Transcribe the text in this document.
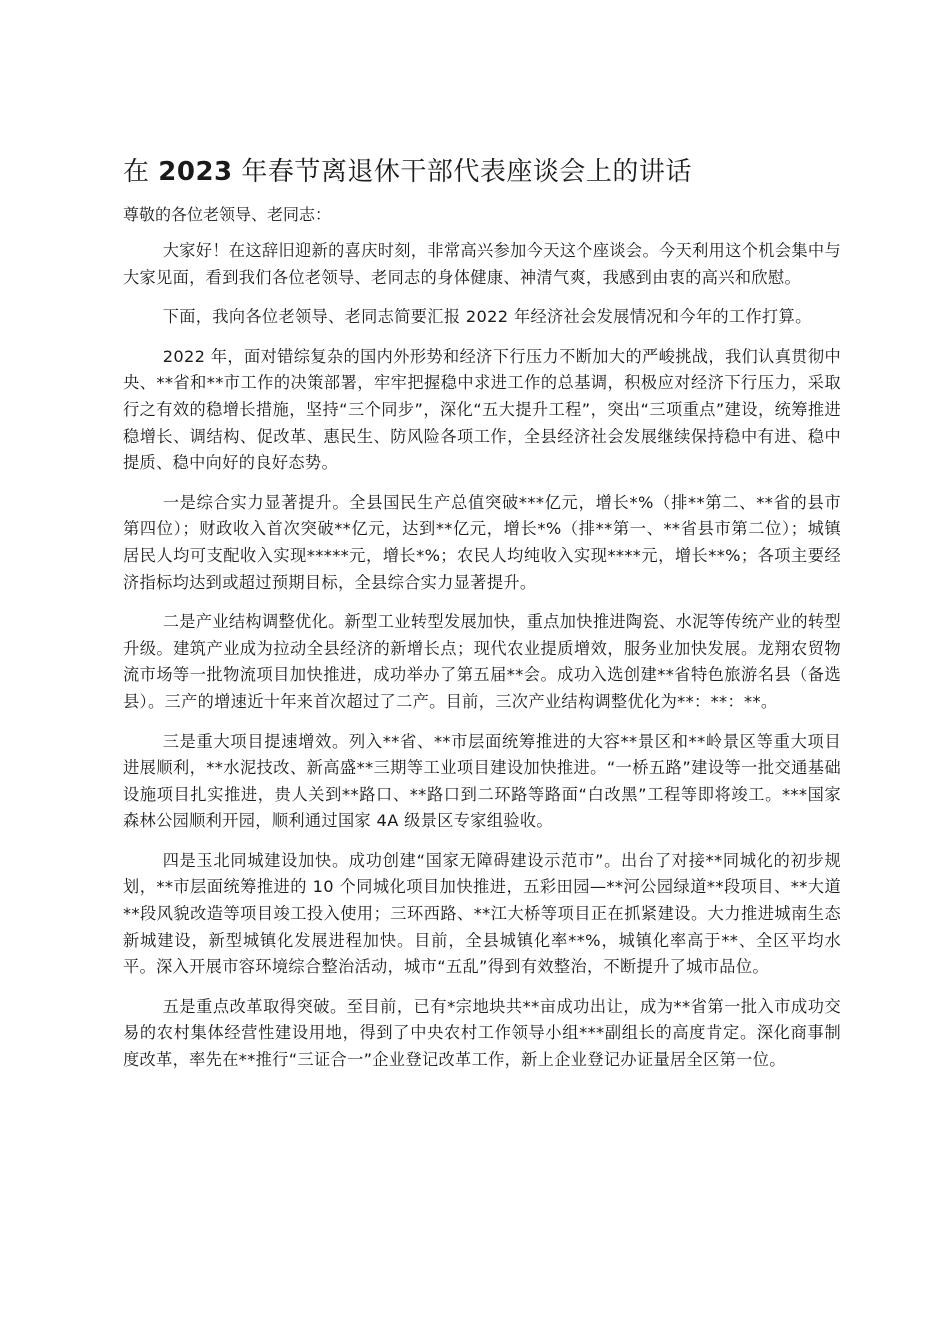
在 2023 年春节离退休干部代表座谈会上的讲话

尊敬的各位老领导、老同志：

大家好！在这辞旧迎新的喜庆时刻，非常高兴参加今天这个座谈会。今天利用这个机会集中与大家见面，看到我们各位老领导、老同志的身体健康、神清气爽，我感到由衷的高兴和欣慰。

下面，我向各位老领导、老同志简要汇报 2022 年经济社会发展情况和今年的工作打算。

2022 年，面对错综复杂的国内外形势和经济下行压力不断加大的严峻挑战，我们认真贯彻中央、**省和**市工作的决策部署，牢牢把握稳中求进工作的总基调，积极应对经济下行压力，采取行之有效的稳增长措施，坚持“三个同步”，深化“五大提升工程”，突出“三项重点”建设，统筹推进稳增长、调结构、促改革、惠民生、防风险各项工作，全县经济社会发展继续保持稳中有进、稳中提质、稳中向好的良好态势。

一是综合实力显著提升。全县国民生产总值突破***亿元，增长*%（排**第二、**省的县市第四位）；财政收入首次突破**亿元，达到**亿元，增长*%（排**第一、**省县市第二位）；城镇居民人均可支配收入实现*****元，增长*%；农民人均纯收入实现****元，增长**%；各项主要经济指标均达到或超过预期目标，全县综合实力显著提升。

二是产业结构调整优化。新型工业转型发展加快，重点加快推进陶瓷、水泥等传统产业的转型升级。建筑产业成为拉动全县经济的新增长点；现代农业提质增效，服务业加快发展。龙翔农贸物流市场等一批物流项目加快推进，成功举办了第五届**会。成功入选创建**省特色旅游名县（备选县）。三产的增速近十年来首次超过了二产。目前，三次产业结构调整优化为**：**：**。

三是重大项目提速增效。列入**省、**市层面统筹推进的大容**景区和**岭景区等重大项目进展顺利，**水泥技改、新高盛**三期等工业项目建设加快推进。“一桥五路”建设等一批交通基础设施项目扎实推进，贵人关到**路口、**路口到二环路等路面“白改黑”工程等即将竣工。***国家森林公园顺利开园，顺利通过国家 4A 级景区专家组验收。

四是玉北同城建设加快。成功创建“国家无障碍建设示范市”。出台了对接**同城化的初步规划，**市层面统筹推进的 10 个同城化项目加快推进，五彩田园—**河公园绿道**段项目、**大道**段风貌改造等项目竣工投入使用；三环西路、**江大桥等项目正在抓紧建设。大力推进城南生态新城建设，新型城镇化发展进程加快。目前，全县城镇化率**%，城镇化率高于**、全区平均水平。深入开展市容环境综合整治活动，城市“五乱”得到有效整治，不断提升了城市品位。

五是重点改革取得突破。至目前，已有*宗地块共**亩成功出让，成为**省第一批入市成功交易的农村集体经营性建设用地，得到了中央农村工作领导小组***副组长的高度肯定。深化商事制度改革，率先在**推行“三证合一”企业登记改革工作，新上企业登记办证量居全区第一位。
